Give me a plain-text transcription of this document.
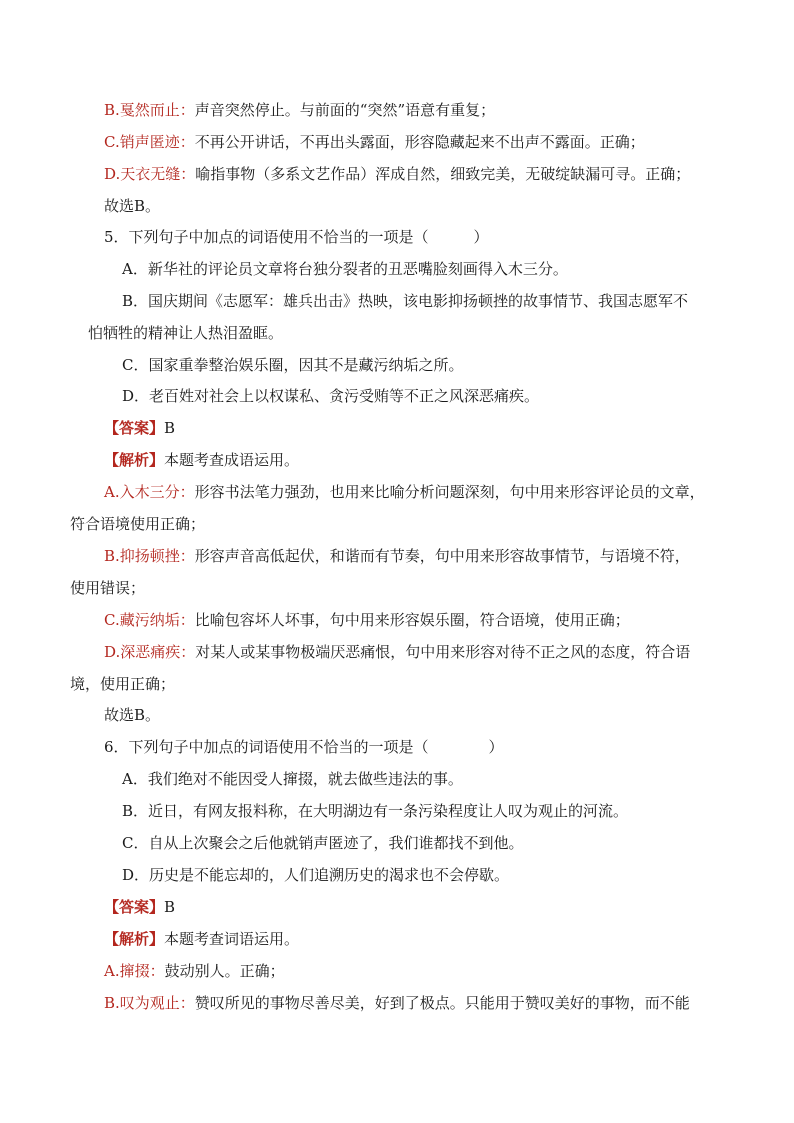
B.戛然而止：声音突然停止。与前面的“突然”语意有重复；
C.销声匿迹：不再公开讲话，不再出头露面，形容隐藏起来不出声不露面。正确；
D.天衣无缝：喻指事物（多系文艺作品）浑成自然，细致完美，无破绽缺漏可寻。正确；
故选B。
5．下列句子中加点的词语使用不恰当的一项是（　　　）
A．新华社的评论员文章将台独分裂者的丑恶嘴脸刻画得入木三分。
B．国庆期间《志愿军：雄兵出击》热映，该电影抑扬顿挫的故事情节、我国志愿军不
怕牺牲的精神让人热泪盈眶。
C．国家重拳整治娱乐圈，因其不是藏污纳垢之所。
D．老百姓对社会上以权谋私、贪污受贿等不正之风深恶痛疾。
【答案】B
【解析】本题考查成语运用。
A.入木三分：形容书法笔力强劲，也用来比喻分析问题深刻，句中用来形容评论员的文章，
符合语境使用正确；
B.抑扬顿挫：形容声音高低起伏，和谐而有节奏，句中用来形容故事情节，与语境不符，
使用错误；
C.藏污纳垢：比喻包容坏人坏事，句中用来形容娱乐圈，符合语境，使用正确；
D.深恶痛疾：对某人或某事物极端厌恶痛恨，句中用来形容对待不正之风的态度，符合语
境，使用正确；
故选B。
6．下列句子中加点的词语使用不恰当的一项是（　　　　）
A．我们绝对不能因受人撺掇，就去做些违法的事。
B．近日，有网友报料称，在大明湖边有一条污染程度让人叹为观止的河流。
C．自从上次聚会之后他就销声匿迹了，我们谁都找不到他。
D．历史是不能忘却的，人们追溯历史的渴求也不会停歇。
【答案】B
【解析】本题考查词语运用。
A.撺掇：鼓动别人。正确；
B.叹为观止：赞叹所见的事物尽善尽美，好到了极点。只能用于赞叹美好的事物，而不能
